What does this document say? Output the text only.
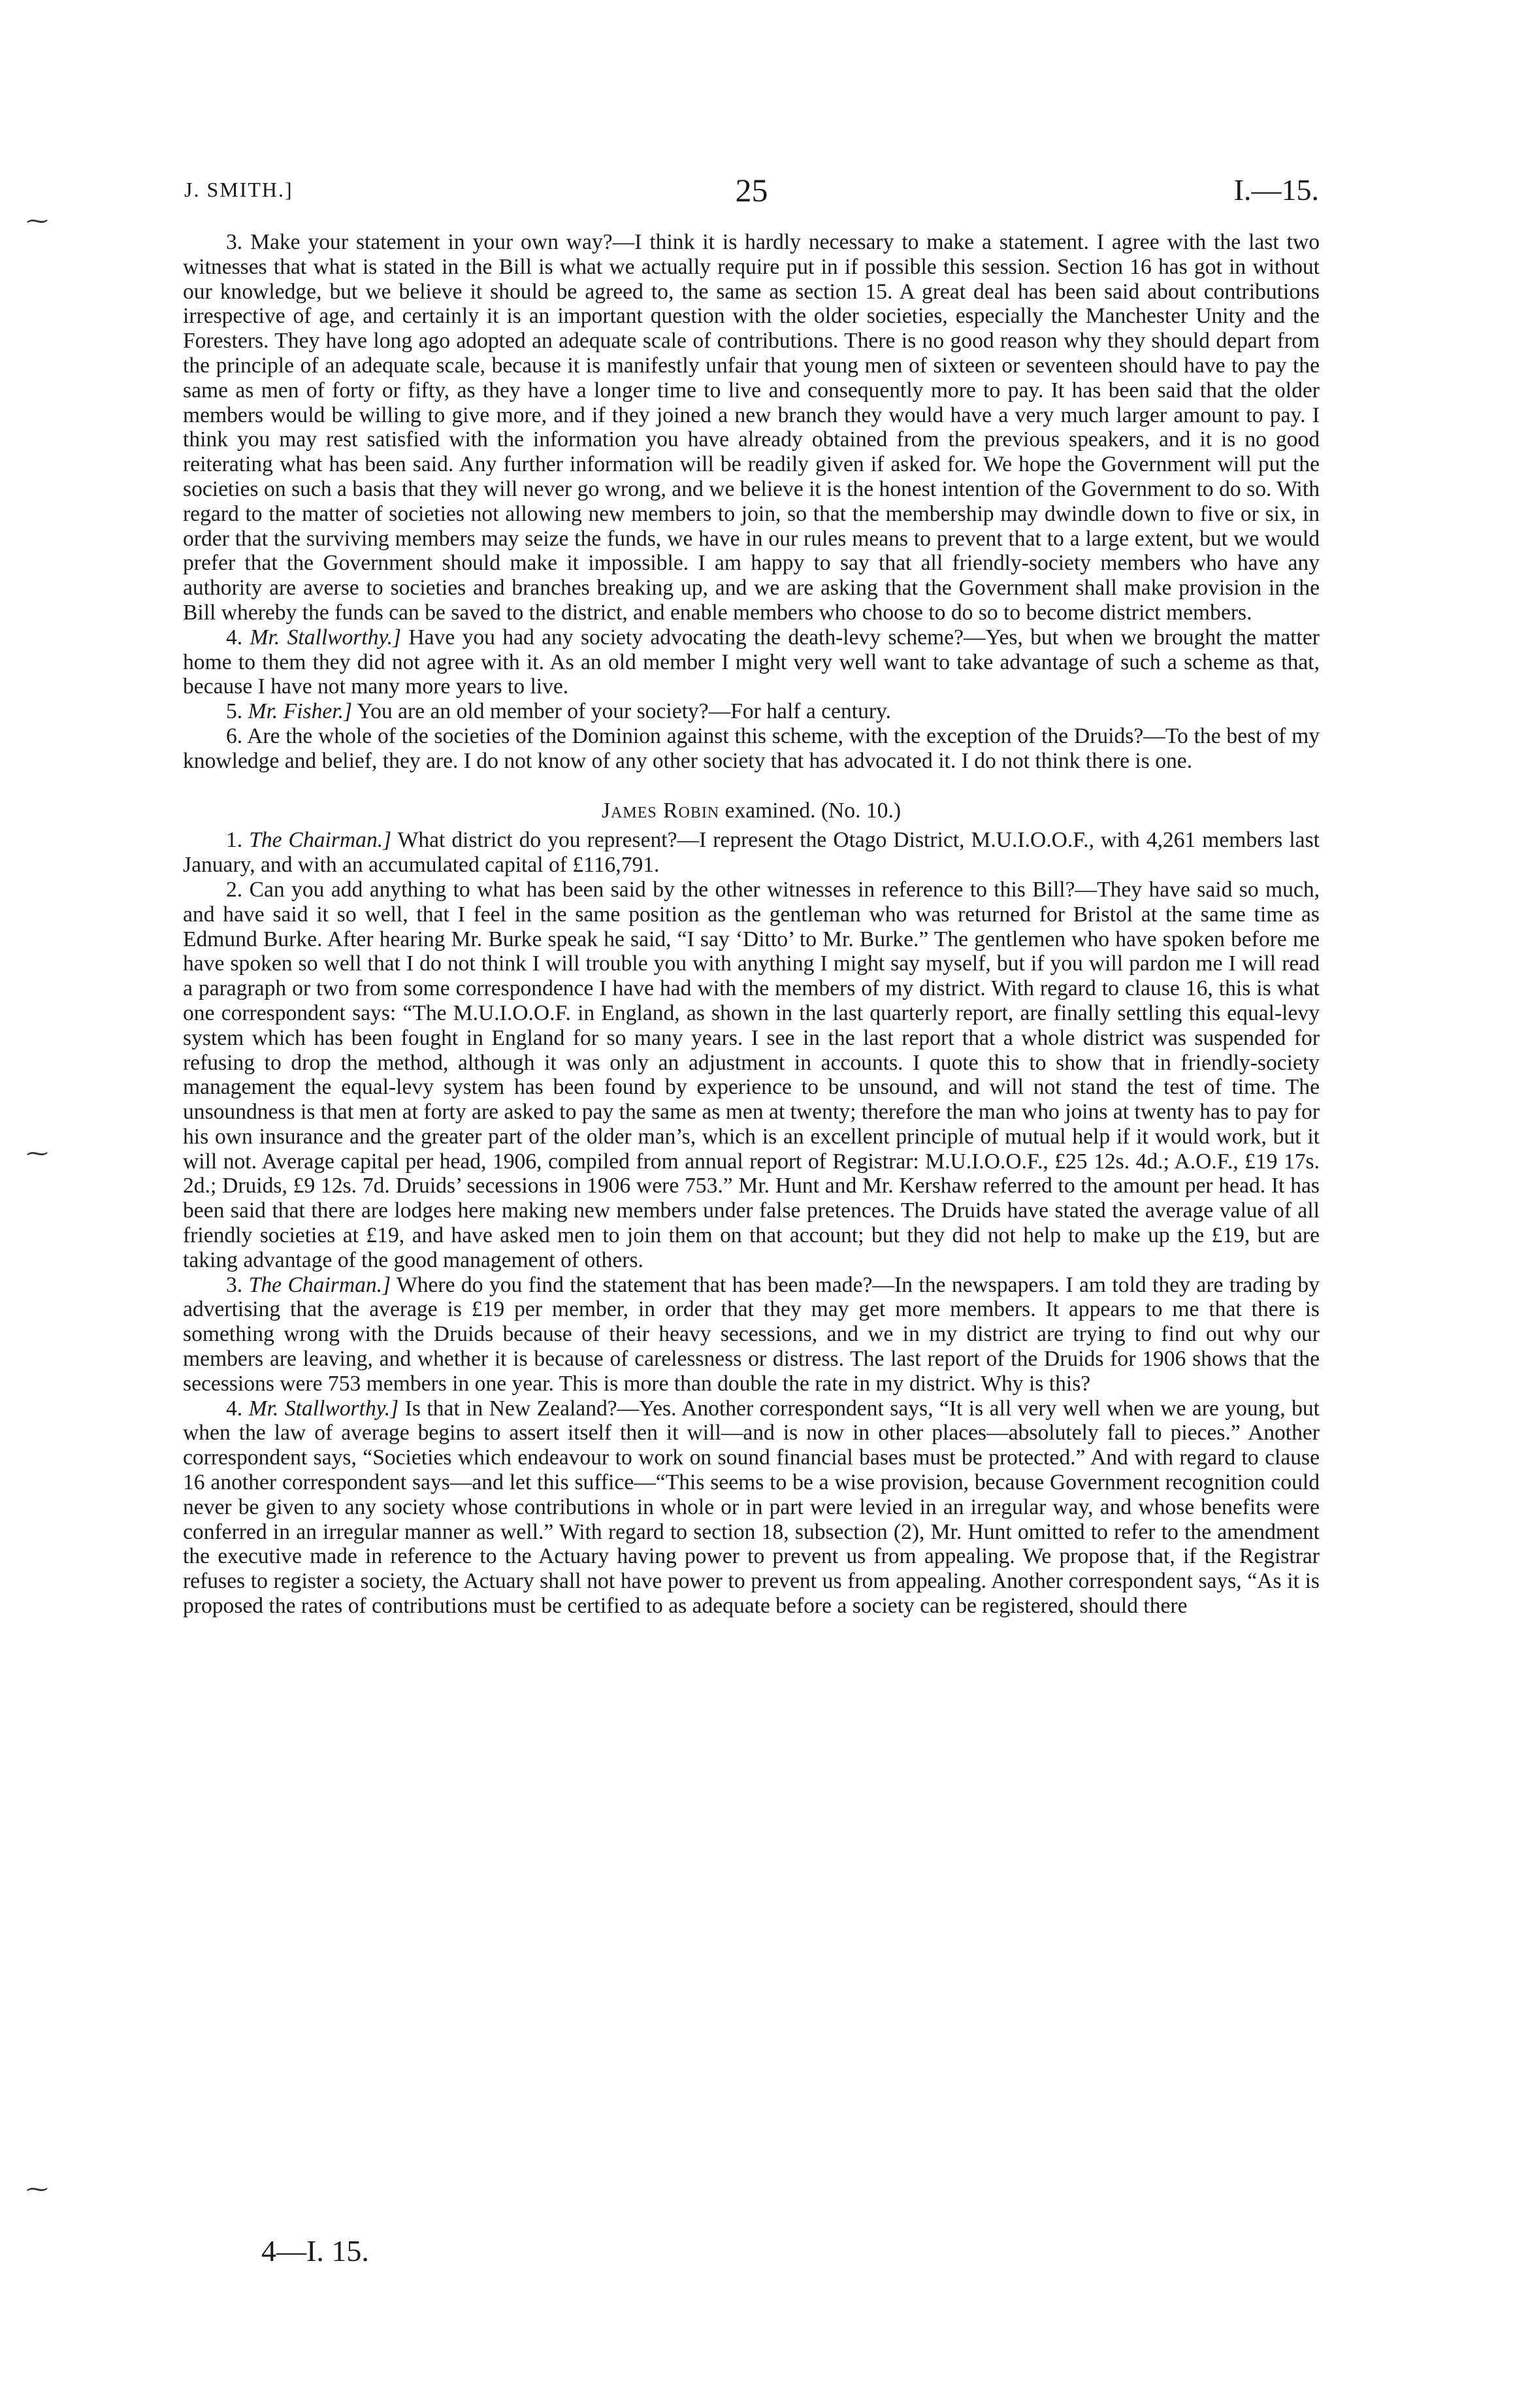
⁓
⁓
⁓
J. SMITH.]	25	I.—15.

3. Make your statement in your own way?—I think it is hardly necessary to make a statement. I agree with the last two witnesses that what is stated in the Bill is what we actually require put in if possible this session. Section 16 has got in without our knowledge, but we believe it should be agreed to, the same as section 15. A great deal has been said about contributions irrespective of age, and certainly it is an important question with the older societies, especially the Manchester Unity and the Foresters. They have long ago adopted an adequate scale of contributions. There is no good reason why they should depart from the principle of an adequate scale, because it is manifestly unfair that young men of sixteen or seventeen should have to pay the same as men of forty or fifty, as they have a longer time to live and consequently more to pay. It has been said that the older members would be willing to give more, and if they joined a new branch they would have a very much larger amount to pay. I think you may rest satisfied with the information you have already obtained from the previous speakers, and it is no good reiterating what has been said. Any further information will be readily given if asked for. We hope the Government will put the societies on such a basis that they will never go wrong, and we believe it is the honest intention of the Government to do so. With regard to the matter of societies not allowing new members to join, so that the membership may dwindle down to five or six, in order that the surviving members may seize the funds, we have in our rules means to prevent that to a large extent, but we would prefer that the Government should make it impossible. I am happy to say that all friendly-society members who have any authority are averse to societies and branches breaking up, and we are asking that the Government shall make provision in the Bill whereby the funds can be saved to the district, and enable members who choose to do so to become district members.

4. Mr. Stallworthy.] Have you had any society advocating the death-levy scheme?—Yes, but when we brought the matter home to them they did not agree with it. As an old member I might very well want to take advantage of such a scheme as that, because I have not many more years to live.

5. Mr. Fisher.] You are an old member of your society?—For half a century.

6. Are the whole of the societies of the Dominion against this scheme, with the exception of the Druids?—To the best of my knowledge and belief, they are. I do not know of any other society that has advocated it. I do not think there is one.

James Robin examined. (No. 10.)

1. The Chairman.] What district do you represent?—I represent the Otago District, M.U.I.O.O.F., with 4,261 members last January, and with an accumulated capital of £116,791.

2. Can you add anything to what has been said by the other witnesses in reference to this Bill?—They have said so much, and have said it so well, that I feel in the same position as the gentleman who was returned for Bristol at the same time as Edmund Burke. After hearing Mr. Burke speak he said, “I say ‘Ditto’ to Mr. Burke.” The gentlemen who have spoken before me have spoken so well that I do not think I will trouble you with anything I might say myself, but if you will pardon me I will read a paragraph or two from some correspondence I have had with the members of my district. With regard to clause 16, this is what one correspondent says: “The M.U.I.O.O.F. in England, as shown in the last quarterly report, are finally settling this equal-levy system which has been fought in England for so many years. I see in the last report that a whole district was suspended for refusing to drop the method, although it was only an adjustment in accounts. I quote this to show that in friendly-society management the equal-levy system has been found by experience to be unsound, and will not stand the test of time. The unsoundness is that men at forty are asked to pay the same as men at twenty; therefore the man who joins at twenty has to pay for his own insurance and the greater part of the older man’s, which is an excellent principle of mutual help if it would work, but it will not. Average capital per head, 1906, compiled from annual report of Registrar: M.U.I.O.O.F., £25 12s. 4d.; A.O.F., £19 17s. 2d.; Druids, £9 12s. 7d. Druids’ secessions in 1906 were 753.” Mr. Hunt and Mr. Kershaw referred to the amount per head. It has been said that there are lodges here making new members under false pretences. The Druids have stated the average value of all friendly societies at £19, and have asked men to join them on that account; but they did not help to make up the £19, but are taking advantage of the good management of others.

3. The Chairman.] Where do you find the statement that has been made?—In the newspapers. I am told they are trading by advertising that the average is £19 per member, in order that they may get more members. It appears to me that there is something wrong with the Druids because of their heavy secessions, and we in my district are trying to find out why our members are leaving, and whether it is because of carelessness or distress. The last report of the Druids for 1906 shows that the secessions were 753 members in one year. This is more than double the rate in my district. Why is this?

4. Mr. Stallworthy.] Is that in New Zealand?—Yes. Another correspondent says, “It is all very well when we are young, but when the law of average begins to assert itself then it will—and is now in other places—absolutely fall to pieces.” Another correspondent says, “Societies which endeavour to work on sound financial bases must be protected.” And with regard to clause 16 another correspondent says—and let this suffice—“This seems to be a wise provision, because Government recognition could never be given to any society whose contributions in whole or in part were levied in an irregular way, and whose benefits were conferred in an irregular manner as well.” With regard to section 18, subsection (2), Mr. Hunt omitted to refer to the amendment the executive made in reference to the Actuary having power to prevent us from appealing. We propose that, if the Registrar refuses to register a society, the Actuary shall not have power to prevent us from appealing. Another correspondent says, “As it is proposed the rates of contributions must be certified to as adequate before a society can be registered, should there

4—I. 15.
